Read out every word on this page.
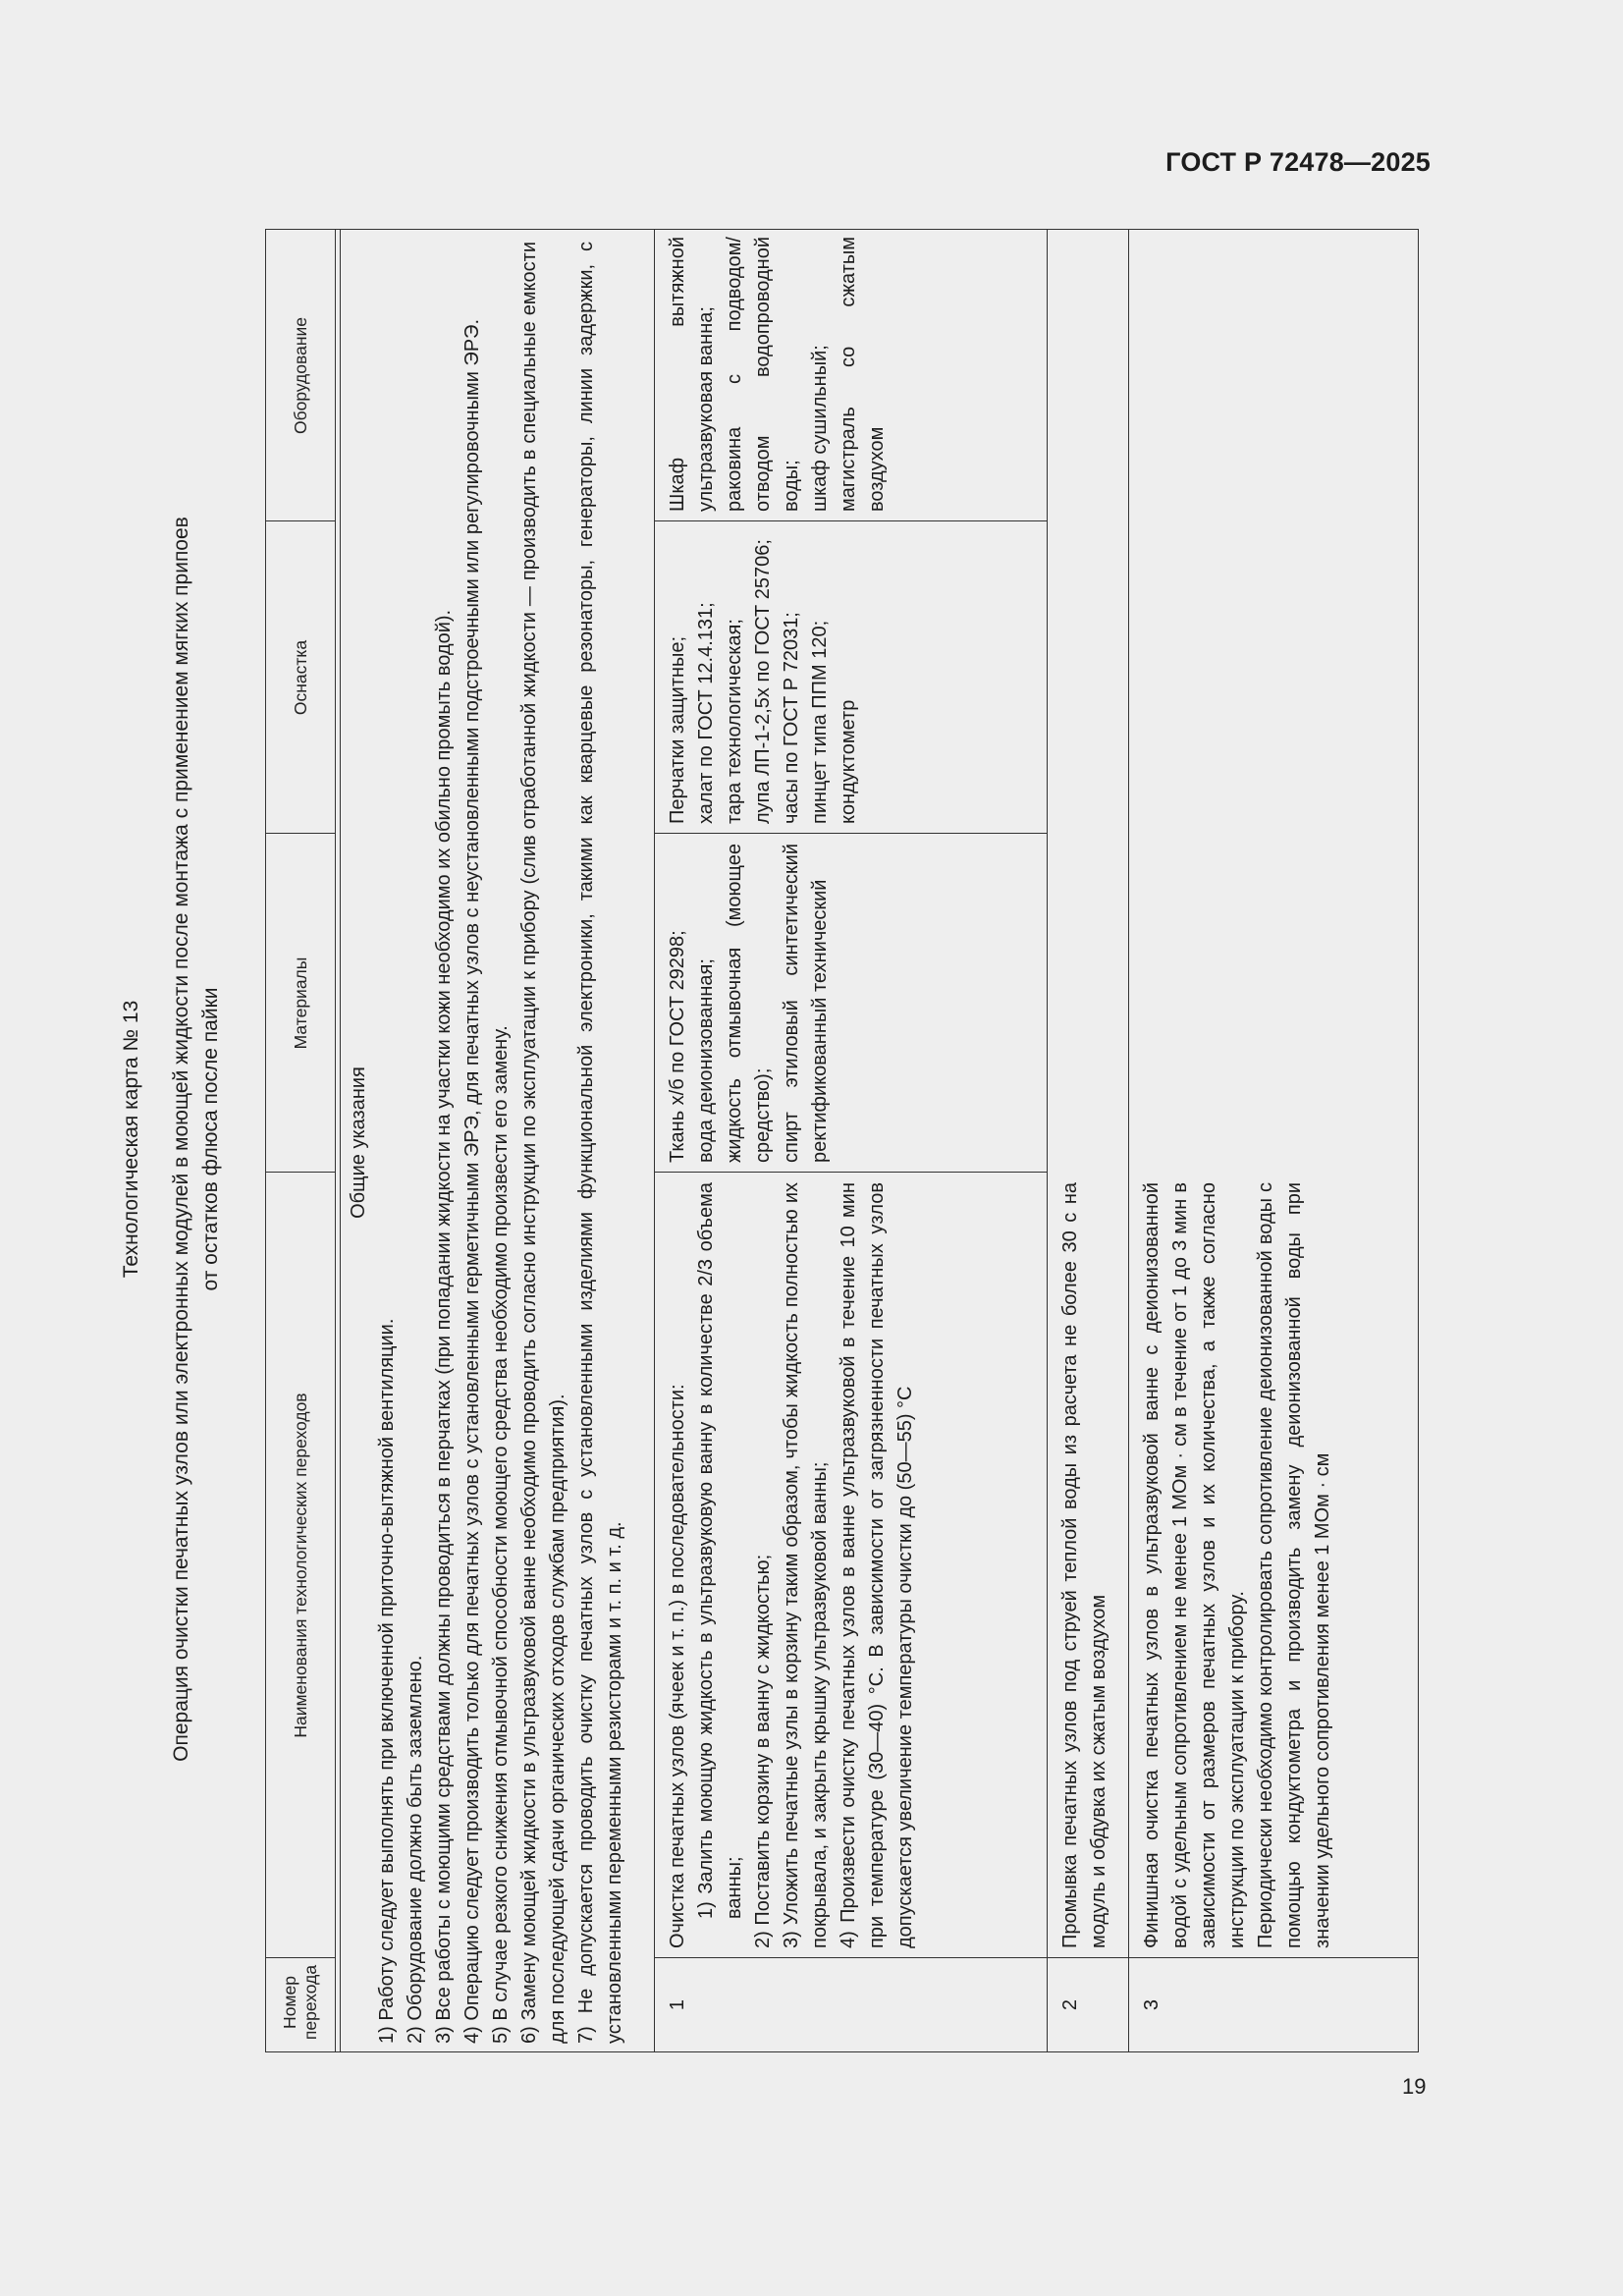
ГОСТ Р 72478—2025
Технологическая карта № 13 Операция очистки печатных узлов или электронных модулей в моющей жидкости после монтажа с применением мягких припоев от остатков флюса после пайки
Номер перехода
Наименования технологических переходов
Материалы
Оснастка
Оборудование
Общие указания
1) Работу следует выполнять при включенной приточно-вытяжной вентиляции. 2) Оборудование должно быть заземлено. 3) Все работы с моющими средствами должны проводиться в перчатках (при попадании жидкости на участки кожи необходимо их обильно промыть водой). 4) Операцию следует производить только для печатных узлов с установленными герметичными ЭРЭ, для печатных узлов с неустановленными подстроечными или регулировочными ЭРЭ. 5) В случае резкого снижения отмывочной способности моющего средства необходимо произвести его замену. 6) Замену моющей жидкости в ультразвуковой ванне необходимо проводить согласно инструкции по эксплуатации к прибору (слив отработанной жидкости — производить в специальные емкости для последующей сдачи органических отходов службам предприятия). 7) Не допускается проводить очистку печатных узлов с установленными изделиями функциональной электроники, такими как кварцевые резонаторы, генераторы, линии задержки, с установленными переменными резисторами и т. п. и т. д. 1
Очистка печатных узлов (ячеек и т. п.) в последовательности: 1) Залить моющую жидкость в ультразвуковую ванну в количестве 2/3 объема ванны; 2) Поставить корзину в ванну с жидкостью; 3) Уложить печатные узлы в корзину таким образом, чтобы жидкость полностью их покрывала, и закрыть крышку ультразвуковой ванны; 4) Произвести очистку печатных узлов в ванне ультразвуковой в течение 10 мин при температуре (30—40) °С. В зависимости от загрязненности печатных узлов допускается увеличение температуры очистки до (50—55) °С
Ткань х/б по ГОСТ 29298; вода деионизованная; жидкость отмывочная (моющее средство); спирт этиловый синтетический ректификованный технический
Перчатки защитные; халат по ГОСТ 12.4.131; тара технологическая; лупа ЛП-1-2,5х по ГОСТ 25706; часы по ГОСТ Р 72031; пинцет типа ППМ 120; кондуктометр
Шкаф вытяжной ультразвуковая ванна; раковина с подводом/отводом водопроводной воды; шкаф сушильный; магистраль со сжатым воздухом
2
Промывка печатных узлов под струей теплой воды из расчета не более 30 с на модуль и обдувка их сжатым воздухом
3
Финишная очистка печатных узлов в ультразвуковой ванне с деионизованной водой с удельным сопротивлением не менее 1 МОм · см в течение от 1 до 3 мин в зависимости от размеров печатных узлов и их количества, а также согласно инструкции по эксплуатации к прибору. Периодически необходимо контролировать сопротивление деионизованной воды с помощью кондуктометра и производить замену деионизованной воды при значении удельного сопротивления менее 1 МОм · см
19
